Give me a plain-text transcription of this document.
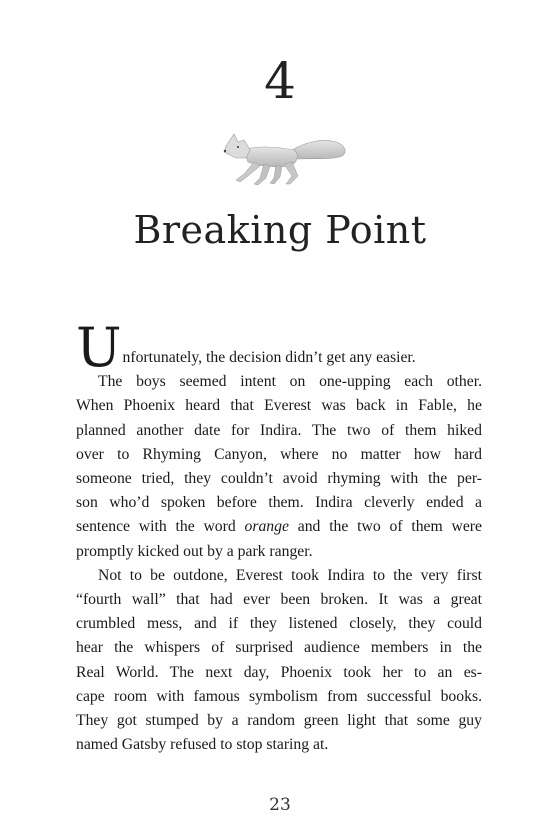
4
Breaking Point
Unfortunately, the decision didn’t get any easier.
The boys seemed intent on one-upping each other.
When Phoenix heard that Everest was back in Fable, he
planned another date for Indira. The two of them hiked
over to Rhyming Canyon, where no matter how hard
someone tried, they couldn’t avoid rhyming with the per-
son who’d spoken before them. Indira cleverly ended a
sentence with the word orange and the two of them were
promptly kicked out by a park ranger.
Not to be outdone, Everest took Indira to the very first
“fourth wall” that had ever been broken. It was a great
crumbled mess, and if they listened closely, they could
hear the whispers of surprised audience members in the
Real World. The next day, Phoenix took her to an es-
cape room with famous symbolism from successful books.
They got stumped by a random green light that some guy
named Gatsby refused to stop staring at.
23
